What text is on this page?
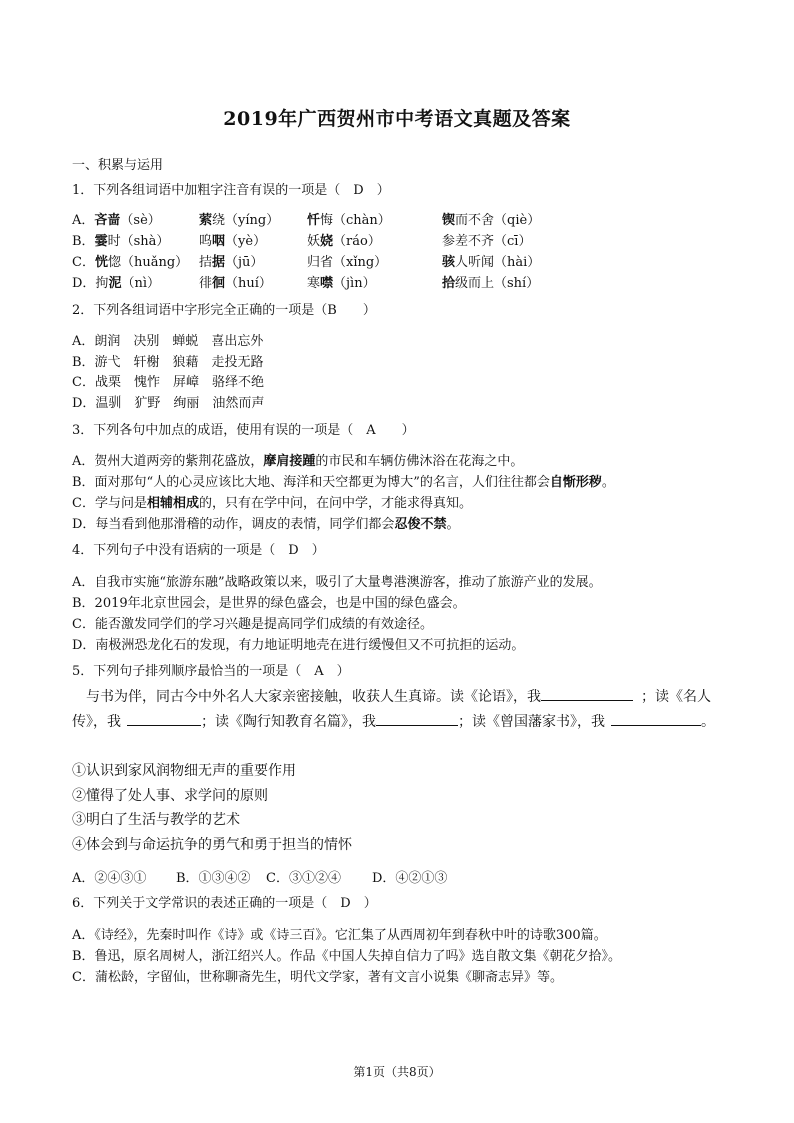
2019年广西贺州市中考语文真题及答案
一、积累与运用
1．下列各组词语中加粗字注音有误的一项是（　D　）
A．吝啬（sè）	萦绕（yíng） 忏悔（chàn）	锲而不舍（qiè）
B．霎时（shà） 呜咽（yè）	妖娆（ráo）	参差不齐（cī）
C．恍惚（huǎng） 拮据（jū）	归省（xǐng）	骇人听闻（hài）
D．拘泥（nì）	徘徊（huí）	寒噤（jìn）	拾级而上（shí）
2．下列各组词语中字形完全正确的一项是（B　　）
A．朗润　决别　蝉蜕　喜出忘外
B．游弋　轩榭　狼藉　走投无路
C．战栗　愧怍　屏嶂　骆绎不绝
D．温驯　犷野　绚丽　油然而声
3．下列各句中加点的成语，使用有误的一项是（　A　　）
A．贺州大道两旁的紫荆花盛放，摩肩接踵的市民和车辆仿佛沐浴在花海之中。
B．面对那句“人的心灵应该比大地、海洋和天空都更为博大”的名言，人们往往都会自惭形秽。
C．学与问是相辅相成的，只有在学中问，在问中学，才能求得真知。
D．每当看到他那滑稽的动作，调皮的表情，同学们都会忍俊不禁。
4．下列句子中没有语病的一项是（　D　）
A．自我市实施“旅游东融”战略政策以来，吸引了大量粤港澳游客，推动了旅游产业的发展。
B．2019年北京世园会，是世界的绿色盛会，也是中国的绿色盛会。
C．能否激发同学们的学习兴趣是提高同学们成绩的有效途径。
D．南极洲恐龙化石的发现，有力地证明地壳在进行缓慢但又不可抗拒的运动。
5．下列句子排列顺序最恰当的一项是（　A　）
与书为伴，同古今中外名人大家亲密接触，收获人生真谛。读《论语》，我	；读《名人
传》，我	；读《陶行知教育名篇》，我	；读《曾国藩家书》，我	。
①认识到家风润物细无声的重要作用
②懂得了处人事、求学问的原则
③明白了生活与教学的艺术
④体会到与命运抗争的勇气和勇于担当的情怀
A．②④③① B．①③④② C．③①②④ D．④②①③
6．下列关于文学常识的表述正确的一项是（　D　）
A．《诗经》，先秦时叫作《诗》或《诗三百》。它汇集了从西周初年到春秋中叶的诗歌300篇。
B．鲁迅，原名周树人，浙江绍兴人。作品《中国人失掉自信力了吗》选自散文集《朝花夕拾》。
C．蒲松龄，字留仙，世称聊斋先生，明代文学家，著有文言小说集《聊斋志异》等。
第1页（共8页）
